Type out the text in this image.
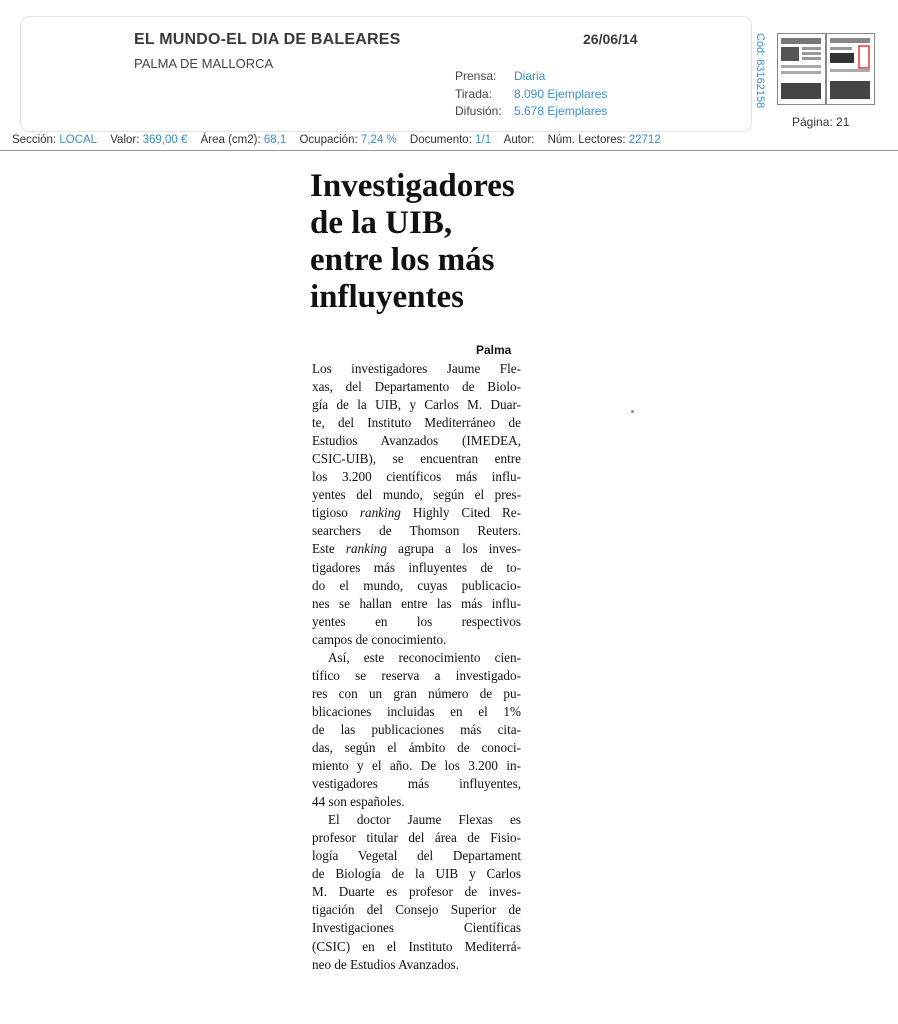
EL MUNDO-EL DIA DE BALEARES
PALMA DE MALLORCA
26/06/14
Prensa: Diaria
Tirada: 8.090 Ejemplares
Difusión: 5.678 Ejemplares
Cód: 83162158
Página: 21
Sección: LOCAL Valor: 369,00 € Área (cm2): 68,1 Ocupación: 7,24 % Documento: 1/1 Autor: Núm. Lectores: 22712
Investigadores
de la UIB,
entre los más
influyentes
Palma

Los investigadores Jaume Fle-
xas, del Departamento de Biolo-
gía de la UIB, y Carlos M. Duar-
te, del Instituto Mediterráneo de
Estudios Avanzados (IMEDEA,
CSIC-UIB), se encuentran entre
los 3.200 científicos más influ-
yentes del mundo, según el pres-
tigioso ranking Highly Cited Re-
searchers de Thomson Reuters.
Este ranking agrupa a los inves-
tigadores más influyentes de to-
do el mundo, cuyas publicacio-
nes se hallan entre las más influ-
yentes en los respectivos
campos de conocimiento.

Así, este reconocimiento cien-
tífico se reserva a investigado-
res con un gran número de pu-
blicaciones incluidas en el 1%
de las publicaciones más cita-
das, según el ámbito de conoci-
miento y el año. De los 3.200 in-
vestigadores más influyentes,
44 son españoles.

El doctor Jaume Flexas es
profesor titular del área de Fisio-
logía Vegetal del Departament
de Biología de la UIB y Carlos
M. Duarte es profesor de inves-
tigación del Consejo Superior de
Investigaciones Científicas
(CSIC) en el Instituto Mediterrá-
neo de Estudios Avanzados.
